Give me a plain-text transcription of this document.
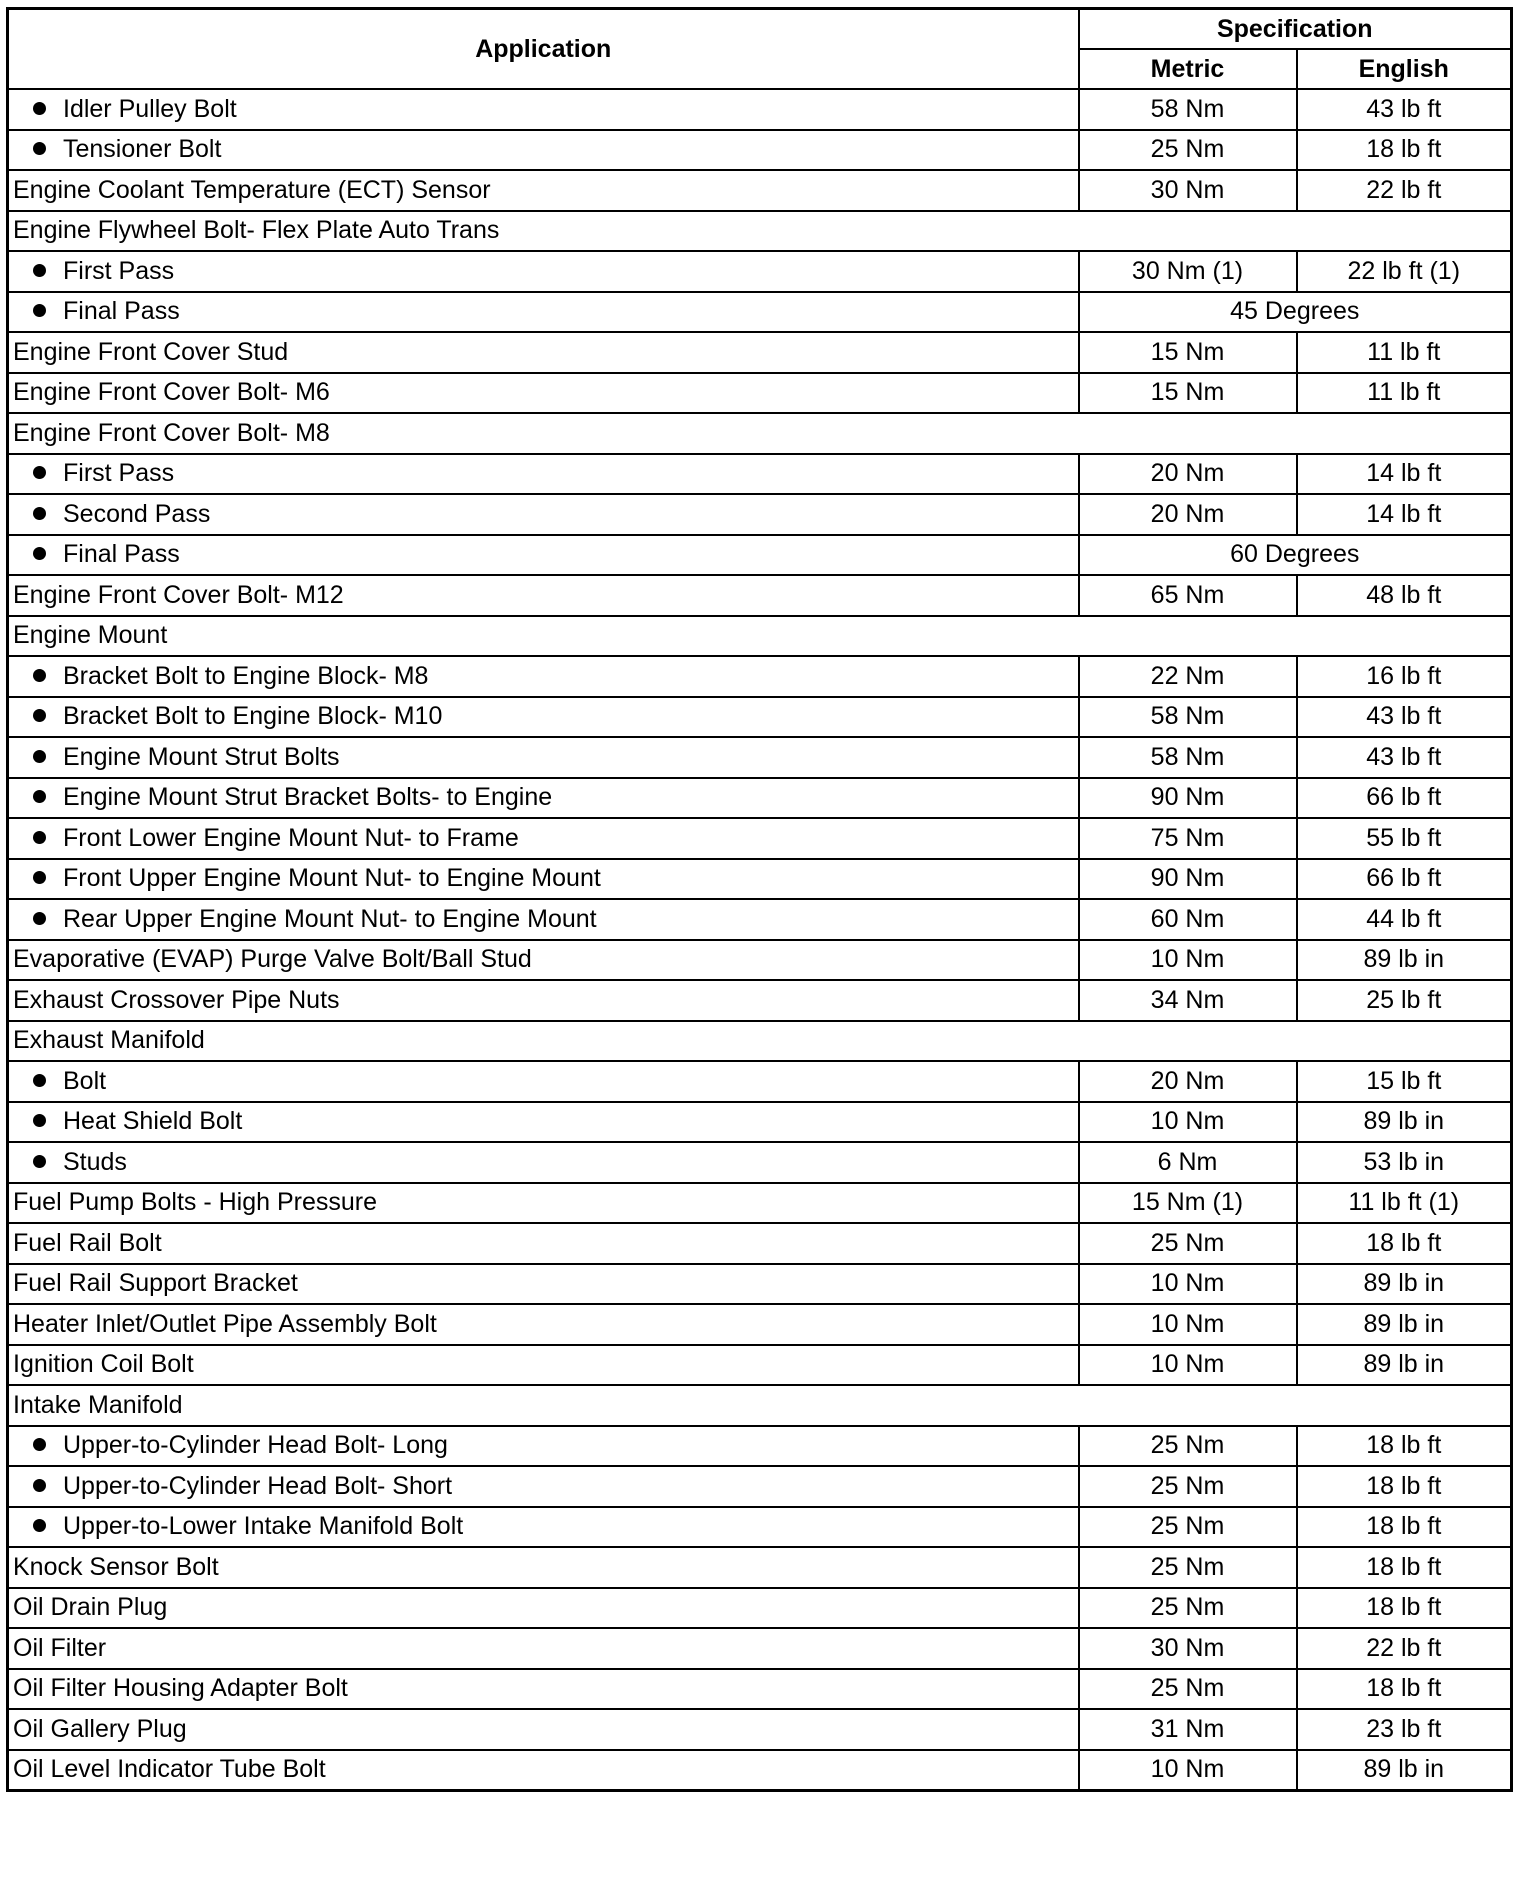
Application	Specification	
	Metric	English
Idler Pulley Bolt	58 Nm	43 lb ft
Tensioner Bolt	25 Nm	18 lb ft
Engine Coolant Temperature (ECT) Sensor	30 Nm	22 lb ft
Engine Flywheel Bolt- Flex Plate Auto Trans		
First Pass	30 Nm (1)	22 lb ft (1)
Final Pass	45 Degrees	
Engine Front Cover Stud	15 Nm	11 lb ft
Engine Front Cover Bolt- M6	15 Nm	11 lb ft
Engine Front Cover Bolt- M8		
First Pass	20 Nm	14 lb ft
Second Pass	20 Nm	14 lb ft
Final Pass	60 Degrees	
Engine Front Cover Bolt- M12	65 Nm	48 lb ft
Engine Mount		
Bracket Bolt to Engine Block- M8	22 Nm	16 lb ft
Bracket Bolt to Engine Block- M10	58 Nm	43 lb ft
Engine Mount Strut Bolts	58 Nm	43 lb ft
Engine Mount Strut Bracket Bolts- to Engine	90 Nm	66 lb ft
Front Lower Engine Mount Nut- to Frame	75 Nm	55 lb ft
Front Upper Engine Mount Nut- to Engine Mount	90 Nm	66 lb ft
Rear Upper Engine Mount Nut- to Engine Mount	60 Nm	44 lb ft
Evaporative (EVAP) Purge Valve Bolt/Ball Stud	10 Nm	89 lb in
Exhaust Crossover Pipe Nuts	34 Nm	25 lb ft
Exhaust Manifold		
Bolt	20 Nm	15 lb ft
Heat Shield Bolt	10 Nm	89 lb in
Studs	6 Nm	53 lb in
Fuel Pump Bolts - High Pressure	15 Nm (1)	11 lb ft (1)
Fuel Rail Bolt	25 Nm	18 lb ft
Fuel Rail Support Bracket	10 Nm	89 lb in
Heater Inlet/Outlet Pipe Assembly Bolt	10 Nm	89 lb in
Ignition Coil Bolt	10 Nm	89 lb in
Intake Manifold		
Upper-to-Cylinder Head Bolt- Long	25 Nm	18 lb ft
Upper-to-Cylinder Head Bolt- Short	25 Nm	18 lb ft
Upper-to-Lower Intake Manifold Bolt	25 Nm	18 lb ft
Knock Sensor Bolt	25 Nm	18 lb ft
Oil Drain Plug	25 Nm	18 lb ft
Oil Filter	30 Nm	22 lb ft
Oil Filter Housing Adapter Bolt	25 Nm	18 lb ft
Oil Gallery Plug	31 Nm	23 lb ft
Oil Level Indicator Tube Bolt	10 Nm	89 lb in
